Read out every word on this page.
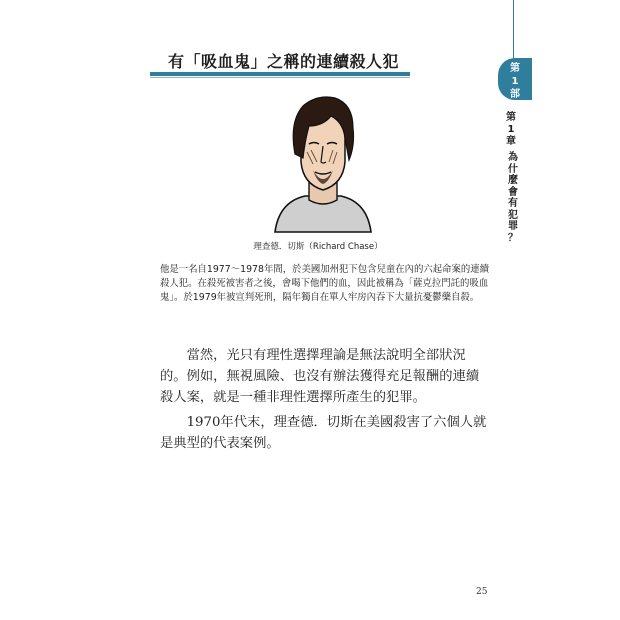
有「吸血鬼」之稱的連續殺人犯	第
1
部
第
1
章
為
什
麼
會
有
犯
罪
？
理查德．切斯（Richard Chase）

他是一名自1977～1978年間，於美國加州犯下包含兒童在內的六起命案的連續殺人犯。在殺死被害者之後，會喝下他們的血，因此被稱為「薩克拉門託的吸血鬼」。於1979年被宣判死刑，隔年獨自在單人牢房內吞下大量抗憂鬱藥自殺。

當然，光只有理性選擇理論是無法說明全部狀況的。例如，無視風險、也沒有辦法獲得充足報酬的連續殺人案，就是一種非理性選擇所產生的犯罪。

1970年代末，理查德．切斯在美國殺害了六個人就是典型的代表案例。

25
